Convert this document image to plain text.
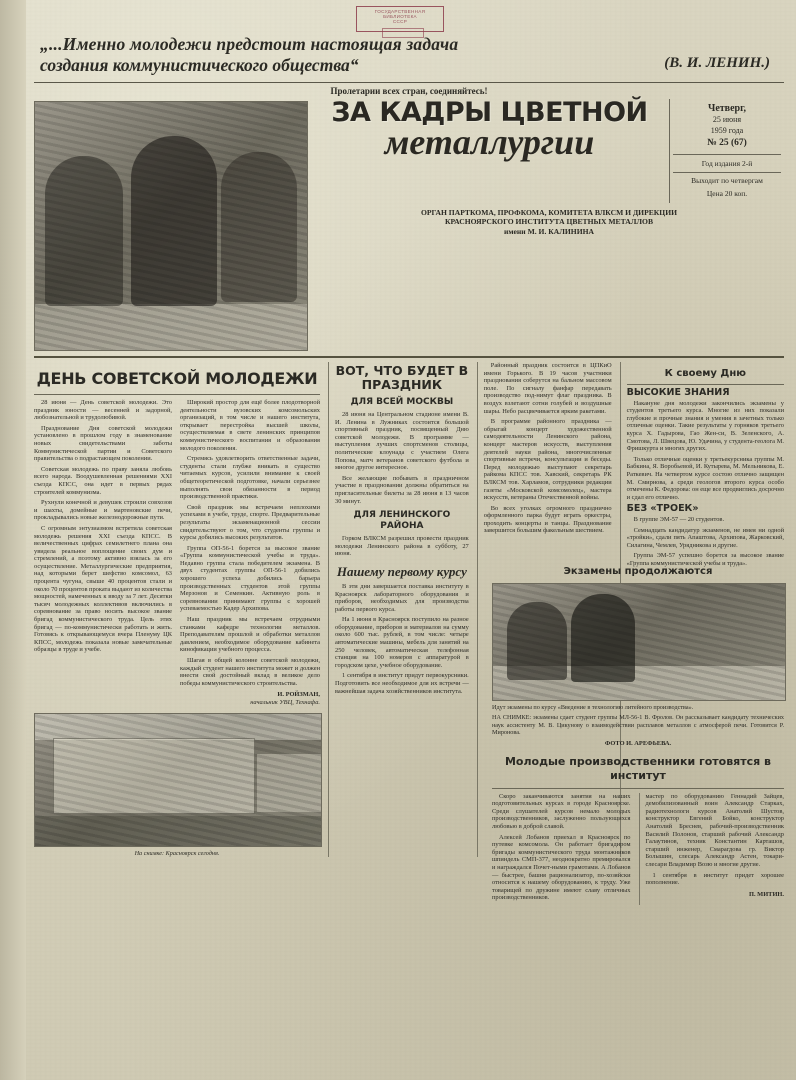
ГОСУДАРСТВЕННАЯ
БИБЛИОТЕКА
СССР
„...Именно молодежи предстоит настоящая задача
(В. И. ЛЕНИН.)
создания коммунистического общества“
Пролетарии всех стран, соединяйтесь!
ЗА КАДРЫ ЦВЕТНОЙ
металлургии
Четверг,
25 июня
1959 года
№ 25 (67)
Год издания 2-й
Выходит по четвергам
Цена 20 коп.
ОРГАН ПАРТКОМА, ПРОФКОМА, КОМИТЕТА ВЛКСМ И ДИРЕКЦИИ
КРАСНОЯРСКОГО ИНСТИТУТА ЦВЕТНЫХ МЕТАЛЛОВ
имени М. И. КАЛИНИНА
ДЕНЬ СОВЕТСКОЙ МОЛОДЕЖИ

28 июня — День советской молодежи. Это праздник юности — весенней и задорной, любознательной и трудолюбивой.

Празднование Дня советской молодежи установлено в прошлом году в знаменование новых свидетельствами заботы Коммунистической партии и Советского правительства о подрастающем поколении.

Советская молодежь по праву заняла любовь всего народа. Воодушевленная решениями XXI съезда КПСС, она идет в первых рядах строителей коммунизма.

Рухнули конечной и девушек строили совхозов и шахты, домейные и мартеновские печи, прокладывались новые железнодорожные пути.

С огромным энтузиазмом встретила советская молодежь решения XXI съезда КПСС. В величественных цифрах семилетнего плана она увидела реальное воплощение своих дум и стремлений, а поэтому активно взялась за его осуществление. Металлургические предприятия, над которыми берет шефство комсомол, 63 процента чугуна, свыше 40 процентов стали и около 70 процентов проката выдают из количества мощностей, намеченных к вводу за 7 лет. Десятки тысяч молодежных коллективов включились в соревнование за право носить высокое звание бригад коммунистического труда. Цель этих бригад — по-коммунистически работать и жить. Готовясь к открывающемуся вчера Пленуму ЦК КПСС, молодежь показала новые замечательные образцы в труде и учебе.

Широкий простор для ещё более плодотворной деятельности вузовских комсомольских организаций, в том числе и нашего института, открывает перестройка высшей школы, осуществляемая в свете ленинских принципов коммунистического воспитания и образования молодого поколения.

Стремясь удовлетворить ответственные задачи, студенты стали глубже вникать в существо читаемых курсов, усилили внимание к своей общетеоретической подготовке, начали серьезнее выполнять свои обязанности в период производственной практики.

Свой праздник мы встречаем неплохими успехами в учебе, труде, спорте. Предварительные результаты экзаменационной сессии свидетельствуют о том, что студенты группы и курсы добились высоких результатов.

Группа ОП-56-1 борется за высокое звание «Группа коммунистической учебы и труда». Недавно группа стала победителем экзамена. В двух студентах группы ОП-56-1 добились хорошего успеха добились барьера производственных студентов этой группы Мерзонов и Семенкин. Активную роль в соревновании принимают группы с хорошей успеваемостью Кадер Архипова.

Наш праздник мы встречаем отрудными станками кафедре технологии металлов. Преподавателям прошлой и обработки металлов давлением, необходимое оборудование кабинета кинофикации учебного процесса.

Шагая в общей колонне советской молодежи, каждый студент нашего института может и должен внести свой достойный вклад в великое дело победы коммунистического строительства.

И. РОЙЗМАН,
начальник УВЦ, Технафа.
На снимке: Красноярск сегодня.
ВОТ, ЧТО БУДЕТ В ПРАЗДНИК
ДЛЯ ВСЕЙ МОСКВЫ

28 июня на Центральном стадионе имени В. И. Ленина в Лужниках состоится большой спортивный праздник, посвященный Дню советской молодежи. В программе — выступления лучших спортсменов столицы, политические клоунада с участием Олега Попова, матч ветеранов советского футбола и многое другое интересное.

Все желающие побывать в праздничном участие в праздновании должны обратиться на пригласительные билеты за 28 июня в 13 часов 30 минут.

ДЛЯ ЛЕНИНСКОГО РАЙОНА

Горком ВЛКСМ разрешил провести праздник молодежи Ленинского района в субботу, 27 июня.

Нашему первому курсу

В эти дни завершается поставка институту в Красноярск лабораторного оборудования и приборов, необходимых для производства работы первого курса.

На 1 июня в Красноярск поступило на разное оборудование, приборов и материалов на сумму около 600 тыс. рублей, в том числе: четыре автоматические машины, мебель для занятий на 250 человек, автоматическая телефонная станция на 100 номеров с аппаратурой в городском цехе, учебное оборудование.

1 сентября в институт придут первокурсники. Подготовить все необходимое для их встречи — важнейшая задача хозяйственников института.

Районный праздник состоится в ЦПКиО имени Горького. В 19 часов участники празднования соберутся на бальном массовом поле. По сигналу фанфар передавать производство под-нимут флаг праздника. В воздух взлетают сотни голубей и воздушные шары. Небо расцвечивается ярким ракетами.

В программе районного праздника — обрыгай концерт художественной самодеятельности Ленинского района, концерт мастеров искусств, выступления деятелей науки района, многочисленные спортивные встречи, консультации и беседы. Перед молодежью выступают секретарь райкома КПСС тов. Хавский, секретарь РК ВЛКСМ тов. Харламов, сотрудники редакции газеты «Московской комсомолец», мастера искусств, ветераны Отечественной войны.

Во всех уголках огромного праздничнo оформленного парка будут играть оркестры, проходить концерты и танцы. Празднование завершится большим факельным шествием.

К своему Дню
ВЫСОКИЕ ЗНАНИЯ

Накануне дня молодежи закончились экзамены у студентов третьего курса. Многие из них показали глубокие и прочные знания и умения в зачетных только отличные оценки. Такие результаты у горняков третьего курса Х. Гадырова, Гао Жен-си, В. Зеленского, А. Смотова, Л. Швецова, Ю. Удачина, у студента-геолога М. Фришкурта и многих других.

Только отличные оценки у третьекурсника группы М. Бабкина, Я. Воробьевой, И. Кутырева, М. Мельникова, Е. Раткевич. На четвертом курсе состою отлично защищен М. Смирнова, а среди геологов второго курса особо отмечены К. Федорова: он еще все продвиглись досрочно и сдал его отлично.

БЕЗ «ТРОЕК»

В группе ЭМ-57 — 20 студентов.

Семнадцать кандидатур экзаменов, не имея ни одной «тройки», сдали пять Апаштова, Архипова, Жарковский, Силагина, Чемлев, Урядникова и другие.

Группа ЭМ-57 успешно борется за высокое звание «Группа коммунистической учебы и труда».

Экзамены продолжаются
Идут экзамены по курсу «Введение в технологию литейного производства».
НА СНИМКЕ: экзамены сдает студент группы МЛ-56-1 В. Фролов. Он рассказывает кандидату технических наук ассистенту М. В. Цикунову о взаимодействии расплавов металлов с атмосферой печи. Готовится Р. Миронова.
ФОТО И. АРЕФЬЕВА.
Молодые производственники готовятся в институт

Скоро заканчиваются занятия на наших подготовительных курсах в городе Красноярске. Среди слушателей курсов немало молодых производственников, заслуженно пользующихся любовью в доброй славой.

Алексей Лобанов приехал в Красноярск по путевке комсомола. Он работает бригадиром бригады коммунистического труда монтажников шпиндель СМП-377, неоднократно премировался и награждался Почет-ными грамотами. А Лобанов — быстрее, башня рационализатор, по-хозяйски относится к нашему оборудованию, к труду. Уже товарищей по дружине имеют славу отличных производственников.

мастер по оборудованию Геннадий Зайцев, демобилизованный воин Александр Старках, радиотехнологи курсов Анатолий Шустов, конструктор Евгений Бойко, конструктор Анатолий Бреснев, рабочий-производственник Василий Полонов, старший рабочий Александр Галаутинов, техник Константин Карташов, старший инженер, Смарагдова гр. Виктор Болышин, слесарь Александр Астен, токари-слесари Владимир Возю и многие другие.

1 сентября в институт придет хорошее пополнение.

П. МИТИН.
